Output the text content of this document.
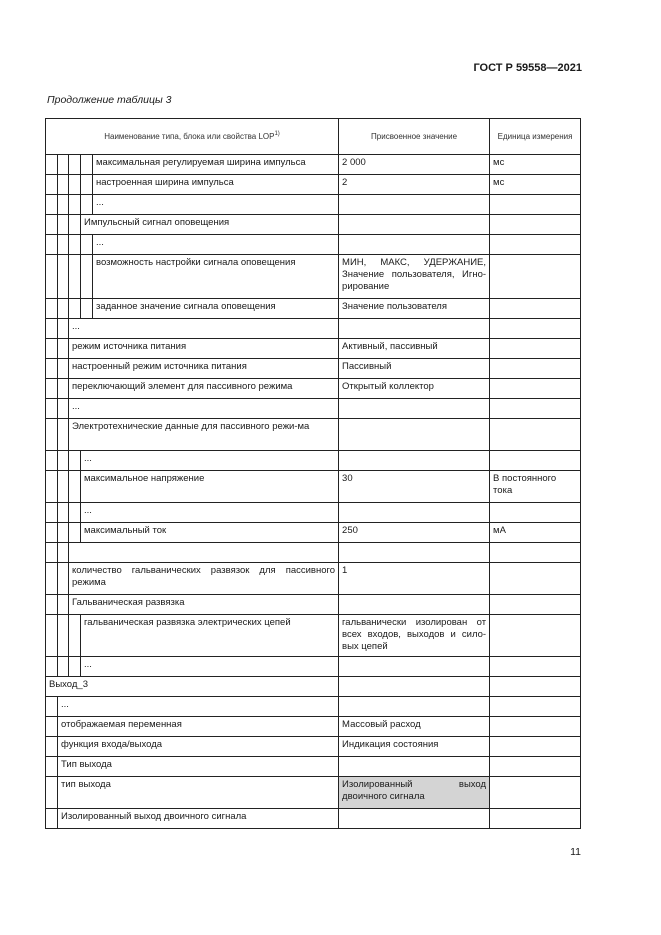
ГОСТ Р 59558—2021
Продолжение таблицы 3
Наименование типа, блока или свойства LOP$^{1)}$					Присвоенное значение	Единица измерения
				максимальная регулируемая ширина импульса	2 000	мс
				настроенная ширина импульса	2	мс
				...		
			Импульсный сигнал оповещения			
				...		
				возможность настройки сигнала оповещения	МИН, МАКС, УДЕРЖАНИЕ, Значение пользователя, Игно-рирование	
				заданное значение сигнала оповещения	Значение пользователя	
		...				
		режим источника питания			Активный, пассивный	
		настроенный режим источника питания			Пассивный	
		переключающий элемент для пассивного режима			Открытый коллектор	
		...				
		Электротехнические данные для пассивного режи-ма				
			...			
			максимальное напряжение		30	В постоянного тока
			...			
			максимальный ток		250	мА

		количество гальванических развязок для пассивного режима			1	
		Гальваническая развязка				
			гальваническая развязка электрических цепей		гальванически изолирован от всех входов, выходов и сило-вых цепей	
			...			
Выход_3						
	...					
	отображаемая переменная				Массовый расход	
	функция входа/выхода				Индикация состояния	
	Тип выхода					
	тип выхода				Изолированный выход двоичного сигнала	
	Изолированный выход двоичного сигнала					
11
